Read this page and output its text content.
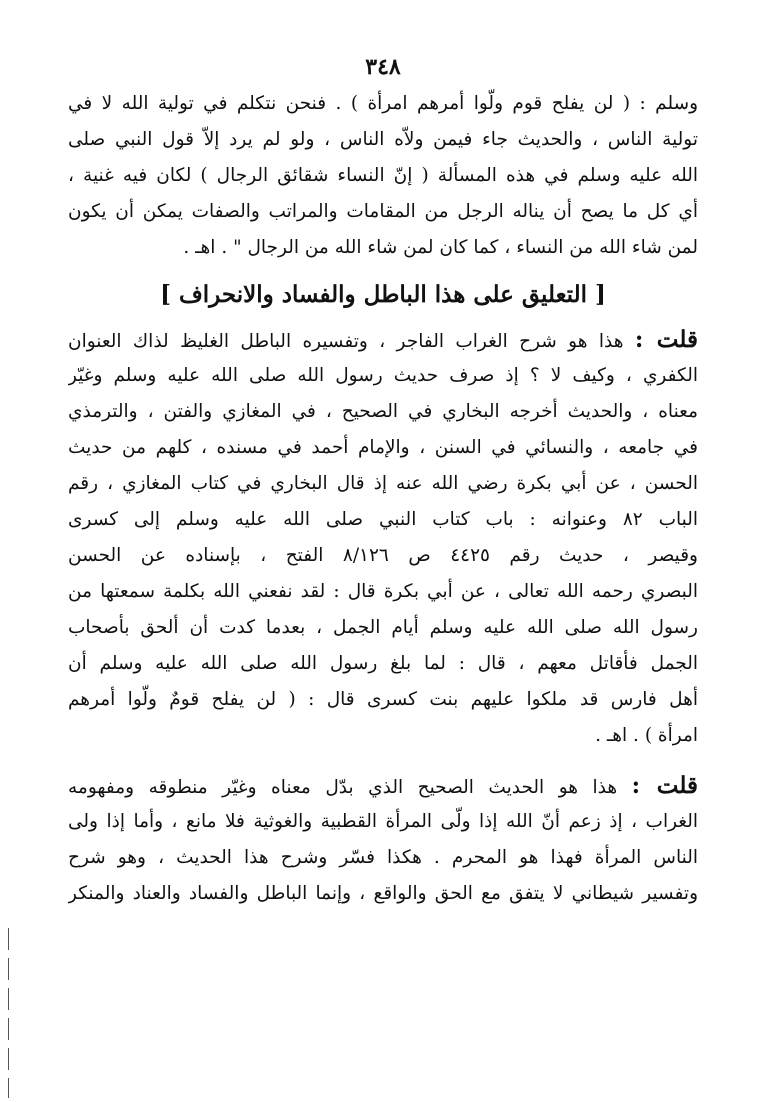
٣٤٨
وسلم : ( لن يفلح قوم ولّوا أمرهم امرأة ) . فنحن نتكلم في تولية الله لا في
تولية الناس ، والحديث جاء فيمن ولاّه الناس ، ولو لم يرد إلاّ قول النبي صلى
الله عليه وسلم في هذه المسألة ( إنّ النساء شقائق الرجال ) لكان فيه غنية ،
أي كل ما يصح أن يناله الرجل من المقامات والمراتب والصفات يمكن أن يكون
لمن شاء الله من النساء ، كما كان لمن شاء الله من الرجال " . اهـ .
[ التعليق على هذا الباطل والفساد والانحراف ]
قلت : هذا هو شرح الغراب الفاجر ، وتفسيره الباطل الغليظ لذاك العنوان
الكفري ، وكيف لا ؟ إذ صرف حديث رسول الله صلى الله عليه وسلم وغيّر
معناه ، والحديث أخرجه البخاري في الصحيح ، في المغازي والفتن ، والترمذي
في جامعه ، والنسائي في السنن ، والإمام أحمد في مسنده ، كلهم من حديث
الحسن ، عن أبي بكرة رضي الله عنه إذ قال البخاري في كتاب المغازي ، رقم
الباب ٨٢ وعنوانه : باب كتاب النبي صلى الله عليه وسلم إلى كسرى
وقيصر ، حديث رقم ٤٤٢٥ ص ٨/١٢٦ الفتح ، بإسناده عن الحسن
البصري رحمه الله تعالى ، عن أبي بكرة قال : لقد نفعني الله بكلمة سمعتها من
رسول الله صلى الله عليه وسلم أيام الجمل ، بعدما كدت أن ألحق بأصحاب
الجمل فأقاتل معهم ، قال : لما بلغ رسول الله صلى الله عليه وسلم أن
أهل فارس قد ملكوا عليهم بنت كسرى قال : ( لن يفلح قومٌ ولّوا أمرهم
امرأة ) . اهـ .
قلت : هذا هو الحديث الصحيح الذي بدّل معناه وغيّر منطوقه ومفهومه
الغراب ، إذ زعم أنّ الله إذا ولّى المرأة القطبية والغوثية فلا مانع ، وأما إذا ولى
الناس المرأة فهذا هو المحرم . هكذا فسّر وشرح هذا الحديث ، وهو شرح
وتفسير شيطاني لا يتفق مع الحق والواقع ، وإنما الباطل والفساد والعناد والمنكر
